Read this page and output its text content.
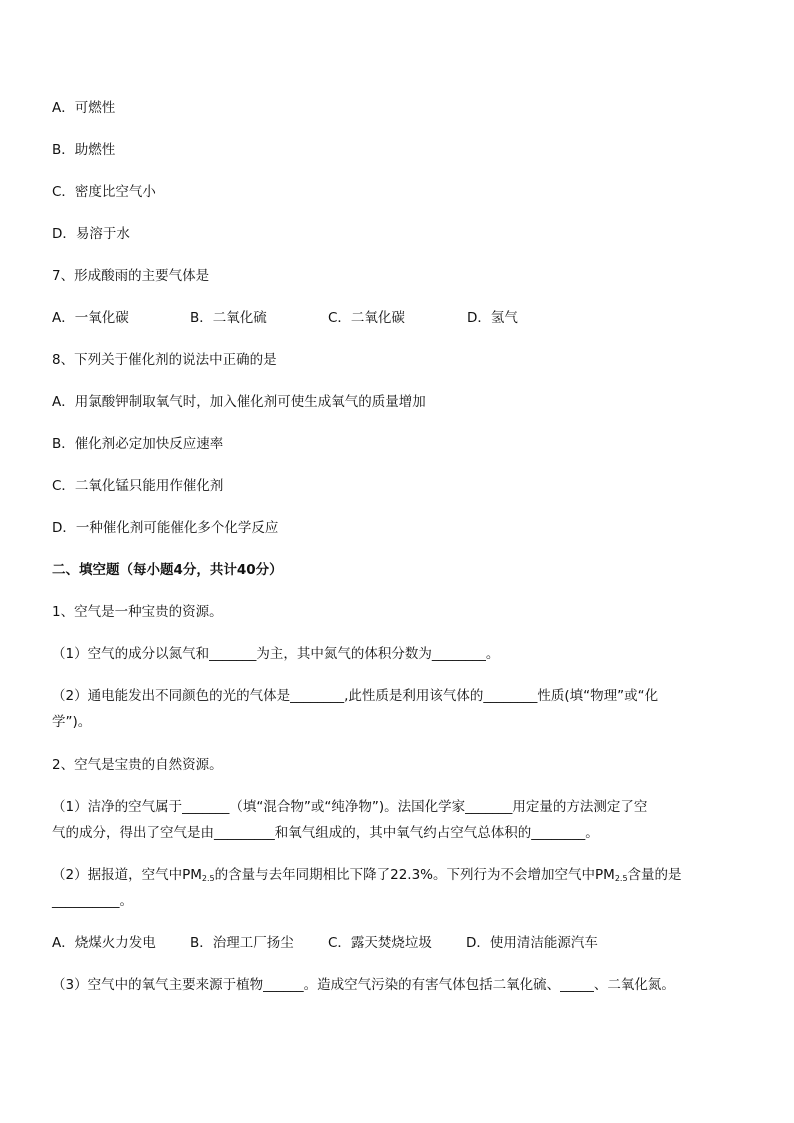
A．可燃性

B．助燃性

C．密度比空气小

D．易溶于水

7、形成酸雨的主要气体是

A．一氧化碳	B．二氧化硫	C．二氧化碳	D．氢气

8、下列关于催化剂的说法中正确的是

A．用氯酸钾制取氧气时，加入催化剂可使生成氧气的质量增加

B．催化剂必定加快反应速率

C．二氧化锰只能用作催化剂

D．一种催化剂可能催化多个化学反应

二、填空题（每小题4分，共计40分）

1、空气是一种宝贵的资源。

（1）空气的成分以氮气和_______为主，其中氮气的体积分数为________。

（2）通电能发出不同颜色的光的气体是________,此性质是利用该气体的________性质(填“物理”或“化

学”)。

2、空气是宝贵的自然资源。

（1）洁净的空气属于_______（填“混合物”或“纯净物”)。法国化学家_______用定量的方法测定了空

气的成分，得出了空气是由_________和氧气组成的，其中氧气约占空气总体积的________。

（2）据报道，空气中$PM_{2.5}$的含量与去年同期相比下降了22.3%。下列行为不会增加空气中$PM_{2.5}$含量的是

__________。

A．烧煤火力发电	B．治理工厂扬尘	C．露天焚烧垃圾	D．使用清洁能源汽车

（3）空气中的氧气主要来源于植物______。造成空气污染的有害气体包括二氧化硫、_____、二氧化氮。
